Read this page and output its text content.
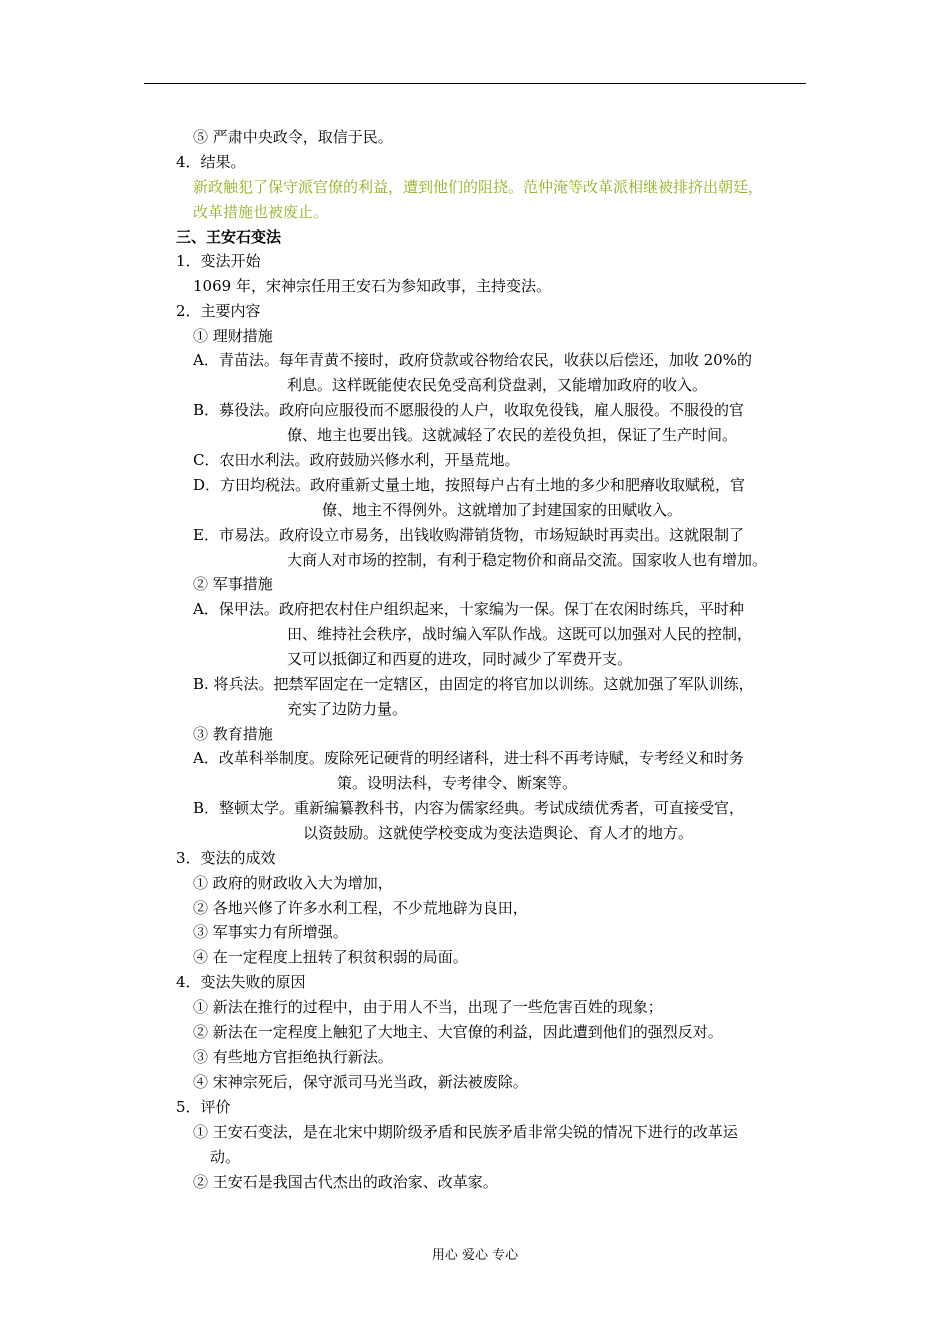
⑤ 严肃中央政令，取信于民。
4．结果。
新政触犯了保守派官僚的利益，遭到他们的阻挠。范仲淹等改革派相继被排挤出朝廷，
改革措施也被废止。
三、王安石变法
1．变法开始
1069 年，宋神宗任用王安石为参知政事，主持变法。
2．主要内容
① 理财措施
A．青苗法。每年青黄不接时，政府贷款或谷物给农民，收获以后偿还，加收 20%的
利息。这样既能使农民免受高利贷盘剥，又能增加政府的收入。
B．募役法。政府向应服役而不愿服役的人户，收取免役钱，雇人服役。不服役的官
僚、地主也要出钱。这就减轻了农民的差役负担，保证了生产时间。
C．农田水利法。政府鼓励兴修水利，开垦荒地。
D．方田均税法。政府重新丈量土地，按照每户占有土地的多少和肥瘠收取赋税，官
僚、地主不得例外。这就增加了封建国家的田赋收入。
E．市易法。政府设立市易务，出钱收购滞销货物，市场短缺时再卖出。这就限制了
大商人对市场的控制，有利于稳定物价和商品交流。国家收人也有增加。
② 军事措施
A．保甲法。政府把农村住户组织起来，十家编为一保。保丁在农闲时练兵，平时种
田、维持社会秩序，战时编入军队作战。这既可以加强对人民的控制，
又可以抵御辽和西夏的进攻，同时减少了军费开支。
B. 将兵法。把禁军固定在一定辖区，由固定的将官加以训练。这就加强了军队训练，
充实了边防力量。
③ 教育措施
A．改革科举制度。废除死记硬背的明经诸科，进士科不再考诗赋，专考经义和时务
策。设明法科，专考律令、断案等。
B．整顿太学。重新编纂教科书，内容为儒家经典。考试成绩优秀者，可直接受官，
以资鼓励。这就使学校变成为变法造舆论、育人才的地方。
3．变法的成效
① 政府的财政收入大为增加，
② 各地兴修了许多水利工程，不少荒地辟为良田，
③ 军事实力有所增强。
④ 在一定程度上扭转了积贫积弱的局面。
4．变法失败的原因
① 新法在推行的过程中，由于用人不当，出现了一些危害百姓的现象；
② 新法在一定程度上触犯了大地主、大官僚的利益，因此遭到他们的强烈反对。
③ 有些地方官拒绝执行新法。
④ 宋神宗死后，保守派司马光当政，新法被废除。
5．评价
① 王安石变法，是在北宋中期阶级矛盾和民族矛盾非常尖锐的情况下进行的改革运
动。
② 王安石是我国古代杰出的政治家、改革家。
用心 爱心 专心
